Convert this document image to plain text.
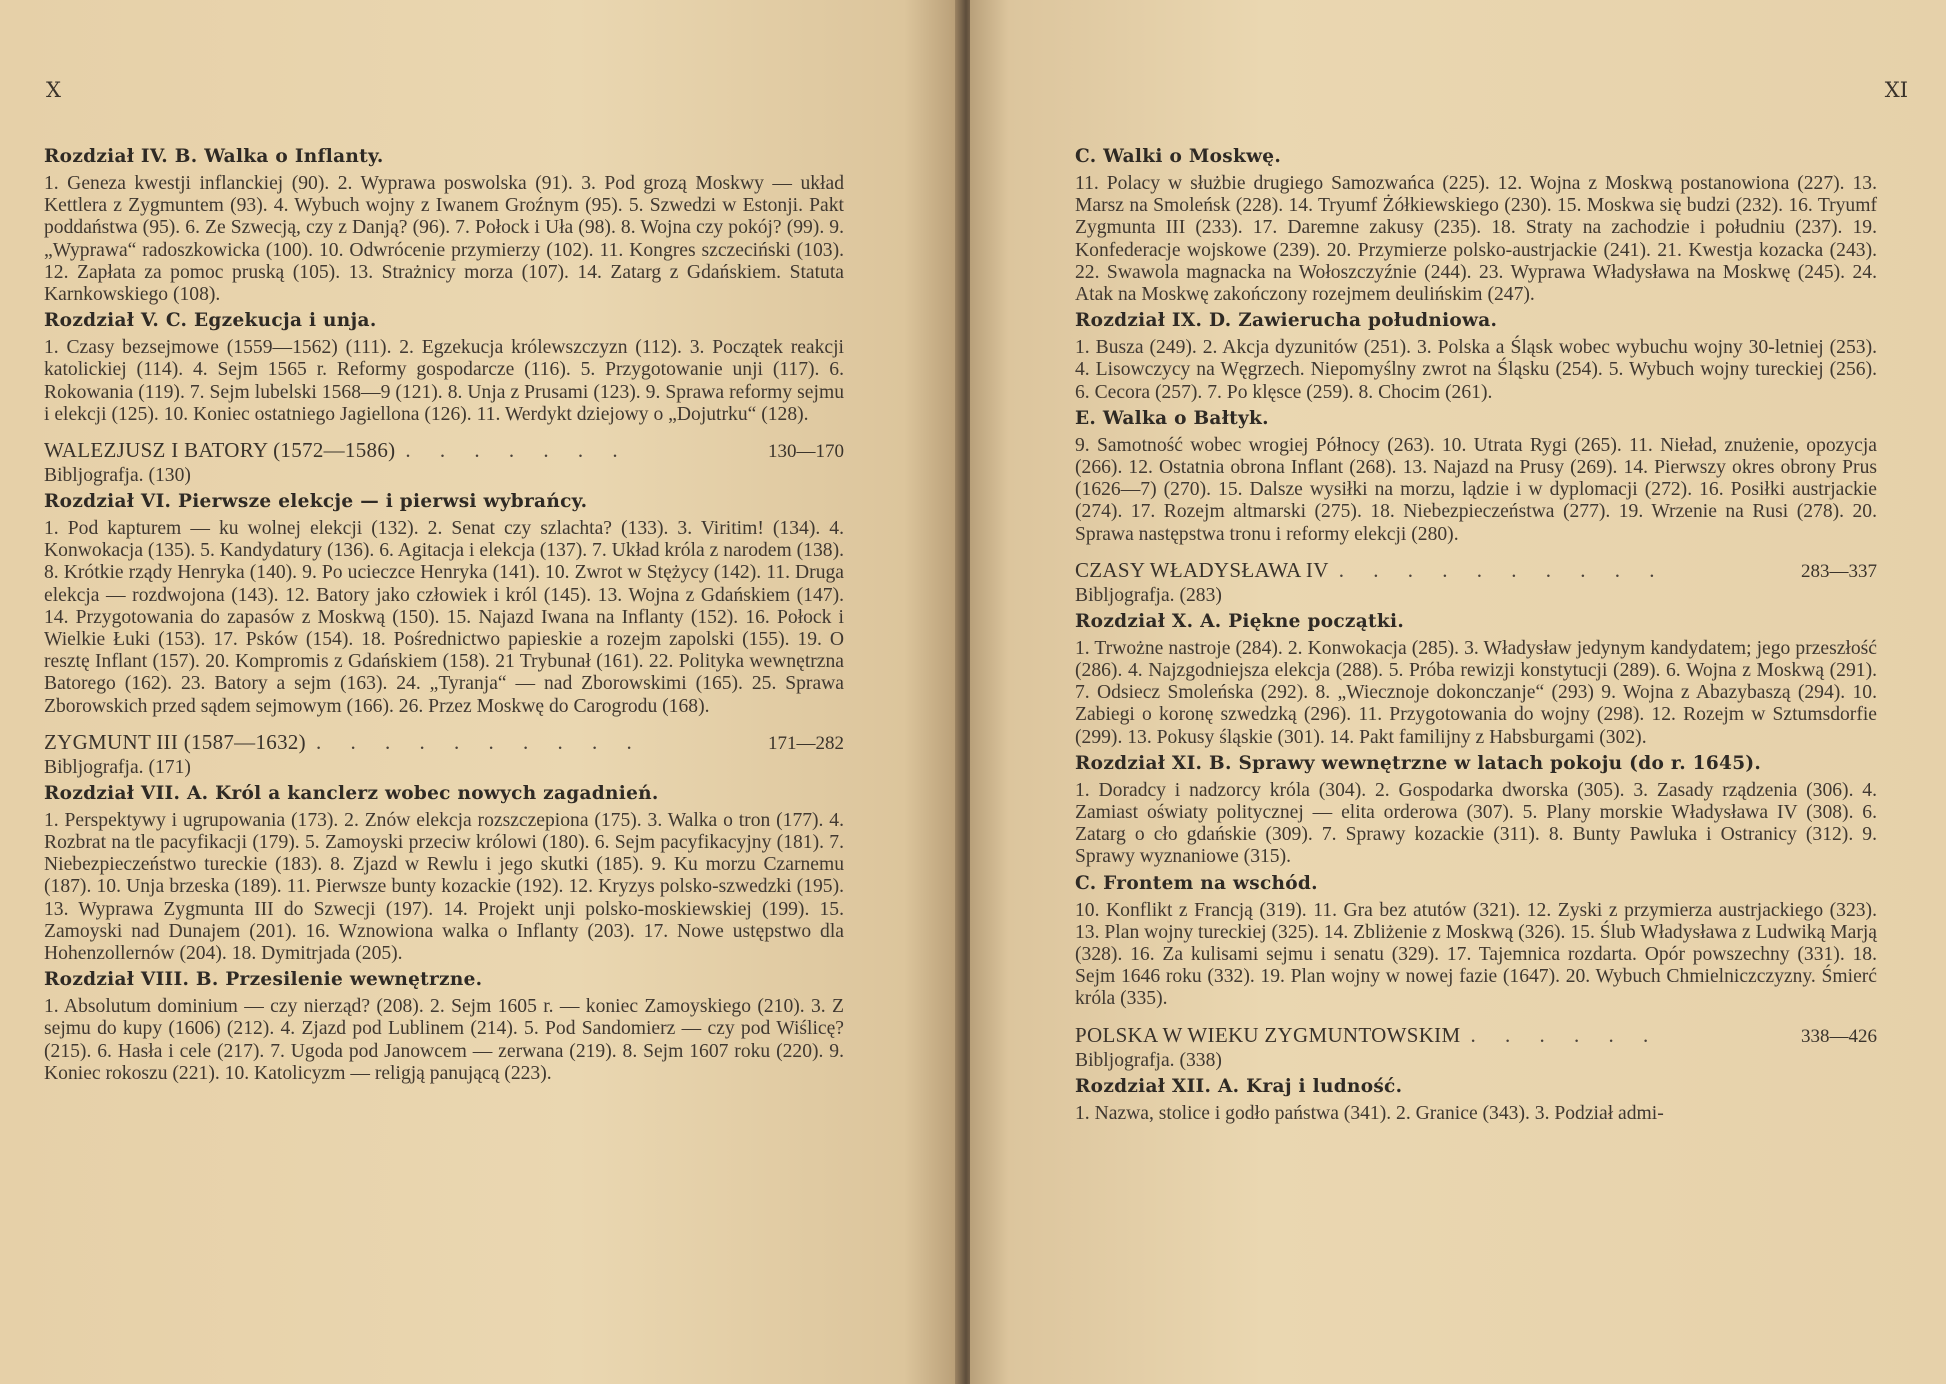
X
Rozdział IV. B. Walka o Inflanty.
1. Geneza kwestji inflanckiej (90). 2. Wyprawa poswolska (91). 3. Pod grozą Moskwy — układ Kettlera z Zygmuntem (93). 4. Wybuch wojny z Iwanem Groźnym (95). 5. Szwedzi w Estonji. Pakt poddaństwa (95). 6. Ze Szwecją, czy z Danją? (96). 7. Połock i Uła (98). 8. Wojna czy pokój? (99). 9. „Wyprawa“ radoszkowicka (100). 10. Odwrócenie przymierzy (102). 11. Kongres szczeciński (103). 12. Zapłata za pomoc pruską (105). 13. Strażnicy morza (107). 14. Zatarg z Gdańskiem. Statuta Karnkowskiego (108).
Rozdział V. C. Egzekucja i unja.
1. Czasy bezsejmowe (1559—1562) (111). 2. Egzekucja królewszczyzn (112). 3. Początek reakcji katolickiej (114). 4. Sejm 1565 r. Reformy gospodarcze (116). 5. Przygotowanie unji (117). 6. Rokowania (119). 7. Sejm lubelski 1568—9 (121). 8. Unja z Prusami (123). 9. Sprawa reformy sejmu i elekcji (125). 10. Koniec ostatniego Jagiellona (126). 11. Werdykt dziejowy o „Dojutrku“ (128).
WALEZJUSZ I BATORY (1572—1586) . . . . . . .	130—170
Bibljografja. (130)
Rozdział VI. Pierwsze elekcje — i pierwsi wybrańcy.
1. Pod kapturem — ku wolnej elekcji (132). 2. Senat czy szlachta? (133). 3. Viritim! (134). 4. Konwokacja (135). 5. Kandydatury (136). 6. Agitacja i elekcja (137). 7. Układ króla z narodem (138). 8. Krótkie rządy Henryka (140). 9. Po ucieczce Henryka (141). 10. Zwrot w Stężycy (142). 11. Druga elekcja — rozdwojona (143). 12. Batory jako człowiek i król (145). 13. Wojna z Gdańskiem (147). 14. Przygotowania do zapasów z Moskwą (150). 15. Najazd Iwana na Inflanty (152). 16. Połock i Wielkie Łuki (153). 17. Psków (154). 18. Pośrednictwo papieskie a rozejm zapolski (155). 19. O resztę Inflant (157). 20. Kompromis z Gdańskiem (158). 21 Trybunał (161). 22. Polityka wewnętrzna Batorego (162). 23. Batory a sejm (163). 24. „Tyranja“ — nad Zborowskimi (165). 25. Sprawa Zborowskich przed sądem sejmowym (166). 26. Przez Moskwę do Carogrodu (168).
ZYGMUNT III (1587—1632) . . . . . . . . . .	171—282
Bibljografja. (171)
Rozdział VII. A. Król a kanclerz wobec nowych zagadnień.
1. Perspektywy i ugrupowania (173). 2. Znów elekcja rozszczepiona (175). 3. Walka o tron (177). 4. Rozbrat na tle pacyfikacji (179). 5. Zamoyski przeciw królowi (180). 6. Sejm pacyfikacyjny (181). 7. Niebezpieczeństwo tureckie (183). 8. Zjazd w Rewlu i jego skutki (185). 9. Ku morzu Czarnemu (187). 10. Unja brzeska (189). 11. Pierwsze bunty kozackie (192). 12. Kryzys polsko-szwedzki (195). 13. Wyprawa Zygmunta III do Szwecji (197). 14. Projekt unji polsko-moskiewskiej (199). 15. Zamoyski nad Dunajem (201). 16. Wznowiona walka o Inflanty (203). 17. Nowe ustępstwo dla Hohenzollernów (204). 18. Dymitrjada (205).
Rozdział VIII. B. Przesilenie wewnętrzne.
1. Absolutum dominium — czy nierząd? (208). 2. Sejm 1605 r. — koniec Zamoyskiego (210). 3. Z sejmu do kupy (1606) (212). 4. Zjazd pod Lublinem (214). 5. Pod Sandomierz — czy pod Wiślicę? (215). 6. Hasła i cele (217). 7. Ugoda pod Janowcem — zerwana (219). 8. Sejm 1607 roku (220). 9. Koniec rokoszu (221). 10. Katolicyzm — religją panującą (223).
XI
C. Walki o Moskwę.
11. Polacy w służbie drugiego Samozwańca (225). 12. Wojna z Moskwą postanowiona (227). 13. Marsz na Smoleńsk (228). 14. Tryumf Żółkiewskiego (230). 15. Moskwa się budzi (232). 16. Tryumf Zygmunta III (233). 17. Daremne zakusy (235). 18. Straty na zachodzie i południu (237). 19. Konfederacje wojskowe (239). 20. Przymierze polsko-austrjackie (241). 21. Kwestja kozacka (243). 22. Swawola magnacka na Wołoszczyźnie (244). 23. Wyprawa Władysława na Moskwę (245). 24. Atak na Moskwę zakończony rozejmem deulińskim (247).
Rozdział IX. D. Zawierucha południowa.
1. Busza (249). 2. Akcja dyzunitów (251). 3. Polska a Śląsk wobec wybuchu wojny 30-letniej (253). 4. Lisowczycy na Węgrzech. Niepomyślny zwrot na Śląsku (254). 5. Wybuch wojny tureckiej (256). 6. Cecora (257). 7. Po klęsce (259). 8. Chocim (261).
E. Walka o Bałtyk.
9. Samotność wobec wrogiej Północy (263). 10. Utrata Rygi (265). 11. Nieład, znużenie, opozycja (266). 12. Ostatnia obrona Inflant (268). 13. Najazd na Prusy (269). 14. Pierwszy okres obrony Prus (1626—7) (270). 15. Dalsze wysiłki na morzu, lądzie i w dyplomacji (272). 16. Posiłki austrjackie (274). 17. Rozejm altmarski (275). 18. Niebezpieczeństwa (277). 19. Wrzenie na Rusi (278). 20. Sprawa następstwa tronu i reformy elekcji (280).
CZASY WŁADYSŁAWA IV . . . . . . . . . .	283—337
Bibljografja. (283)
Rozdział X. A. Piękne początki.
1. Trwożne nastroje (284). 2. Konwokacja (285). 3. Władysław jedynym kandydatem; jego przeszłość (286). 4. Najzgodniejsza elekcja (288). 5. Próba rewizji konstytucji (289). 6. Wojna z Moskwą (291). 7. Odsiecz Smoleńska (292). 8. „Wiecznoje dokonczanje“ (293) 9. Wojna z Abazybaszą (294). 10. Zabiegi o koronę szwedzką (296). 11. Przygotowania do wojny (298). 12. Rozejm w Sztumsdorfie (299). 13. Pokusy śląskie (301). 14. Pakt familijny z Habsburgami (302).
Rozdział XI. B. Sprawy wewnętrzne w latach pokoju (do r. 1645).
1. Doradcy i nadzorcy króla (304). 2. Gospodarka dworska (305). 3. Zasady rządzenia (306). 4. Zamiast oświaty politycznej — elita orderowa (307). 5. Plany morskie Władysława IV (308). 6. Zatarg o cło gdańskie (309). 7. Sprawy kozackie (311). 8. Bunty Pawluka i Ostranicy (312). 9. Sprawy wyznaniowe (315).
C. Frontem na wschód.
10. Konflikt z Francją (319). 11. Gra bez atutów (321). 12. Zyski z przymierza austrjackiego (323). 13. Plan wojny tureckiej (325). 14. Zbliżenie z Moskwą (326). 15. Ślub Władysława z Ludwiką Marją (328). 16. Za kulisami sejmu i senatu (329). 17. Tajemnica rozdarta. Opór powszechny (331). 18. Sejm 1646 roku (332). 19. Plan wojny w nowej fazie (1647). 20. Wybuch Chmielniczczyzny. Śmierć króla (335).
POLSKA W WIEKU ZYGMUNTOWSKIM . . . . . .	338—426
Bibljografja. (338)
Rozdział XII. A. Kraj i ludność.
1. Nazwa, stolice i godło państwa (341). 2. Granice (343). 3. Podział admi-
